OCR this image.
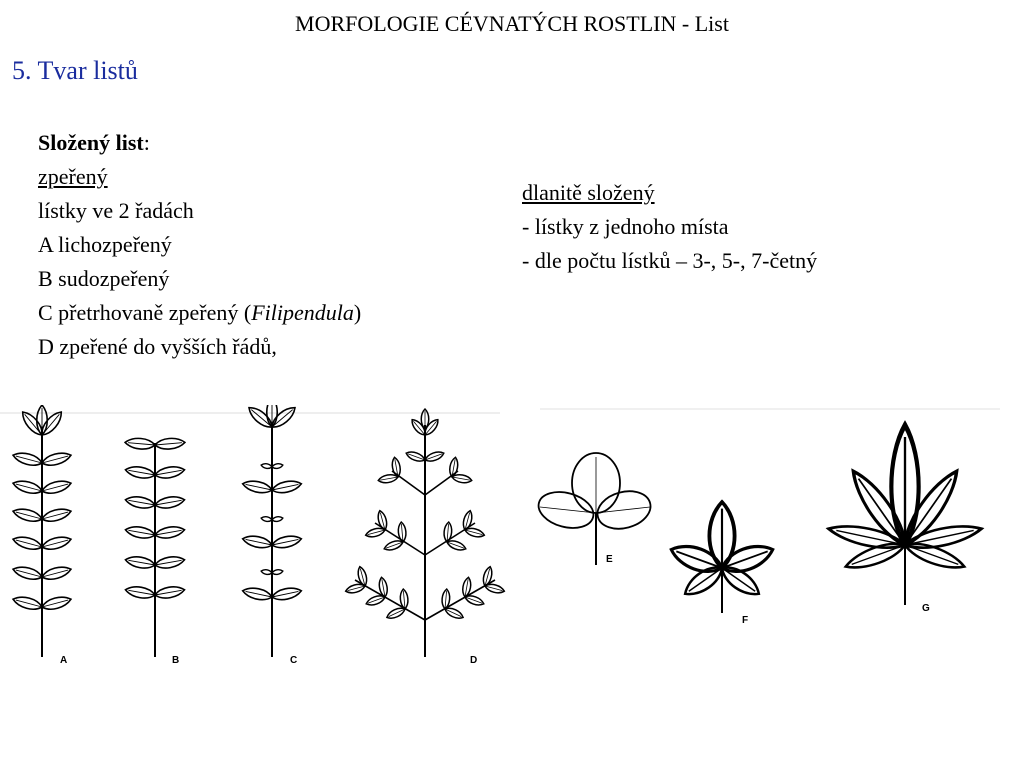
MORFOLOGIE CÉVNATÝCH ROSTLIN - List
5. Tvar listů
Složený list:
zpeřený
lístky ve 2 řadách
A lichozpeřený
B sudozpeřený
C přetrhovaně zpeřený (Filipendula)
D zpeřené do vyšších řádů,
dlanitě složený
- lístky z jednoho místa
- dle počtu lístků – 3-, 5-, 7-četný
A	B	C	D
E
F
G
